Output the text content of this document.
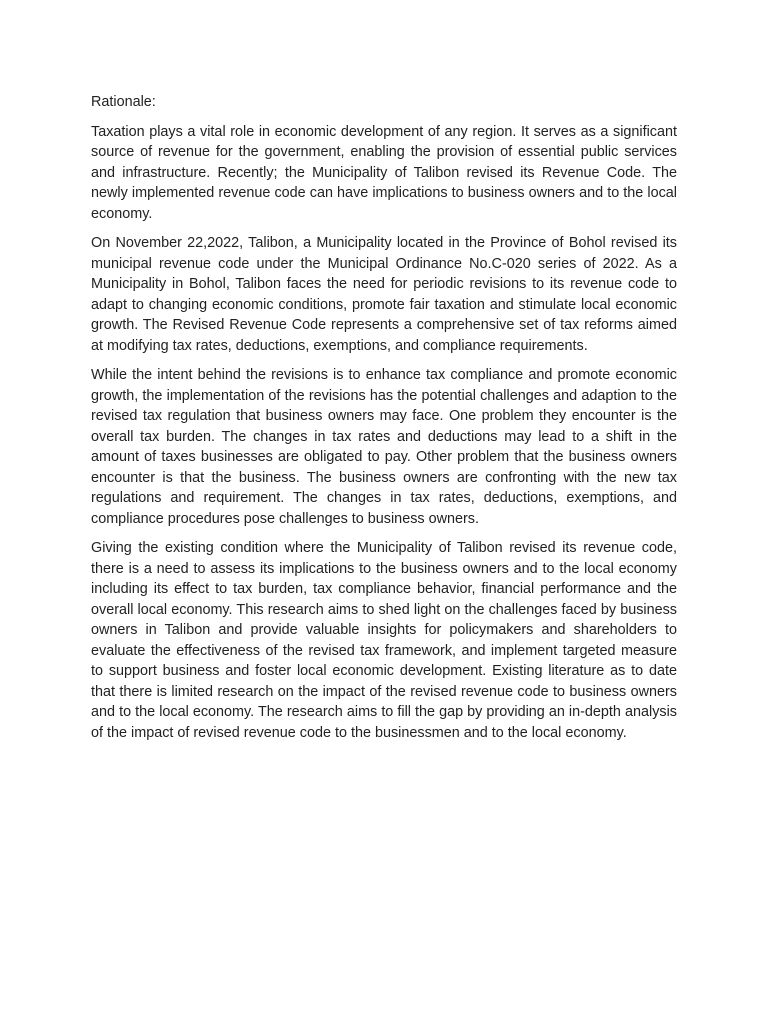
Rationale:

Taxation plays a vital role in economic development of any region. It serves as a significant source of revenue for the government, enabling the provision of essential public services and infrastructure. Recently; the Municipality of Talibon revised its Revenue Code. The newly implemented revenue code can have implications to business owners and to the local economy.

On November 22,2022, Talibon, a Municipality located in the Province of Bohol revised its municipal revenue code under the Municipal Ordinance No.C-020 series of 2022. As a Municipality in Bohol, Talibon faces the need for periodic revisions to its revenue code to adapt to changing economic conditions, promote fair taxation and stimulate local economic growth. The Revised Revenue Code represents a comprehensive set of tax reforms aimed at modifying tax rates, deductions, exemptions, and compliance requirements.

While the intent behind the revisions is to enhance tax compliance and promote economic growth, the implementation of the revisions has the potential challenges and adaption to the revised tax regulation that business owners may face. One problem they encounter is the overall tax burden. The changes in tax rates and deductions may lead to a shift in the amount of taxes businesses are obligated to pay. Other problem that the business owners encounter is that the business. The business owners are confronting with the new tax regulations and requirement. The changes in tax rates, deductions, exemptions, and compliance procedures pose challenges to business owners.

Giving the existing condition where the Municipality of Talibon revised its revenue code, there is a need to assess its implications to the business owners and to the local economy including its effect to tax burden, tax compliance behavior, financial performance and the overall local economy. This research aims to shed light on the challenges faced by business owners in Talibon and provide valuable insights for policymakers and shareholders to evaluate the effectiveness of the revised tax framework, and implement targeted measure to support business and foster local economic development. Existing literature as to date that there is limited research on the impact of the revised revenue code to business owners and to the local economy. The research aims to fill the gap by providing an in-depth analysis of the impact of revised revenue code to the businessmen and to the local economy.
